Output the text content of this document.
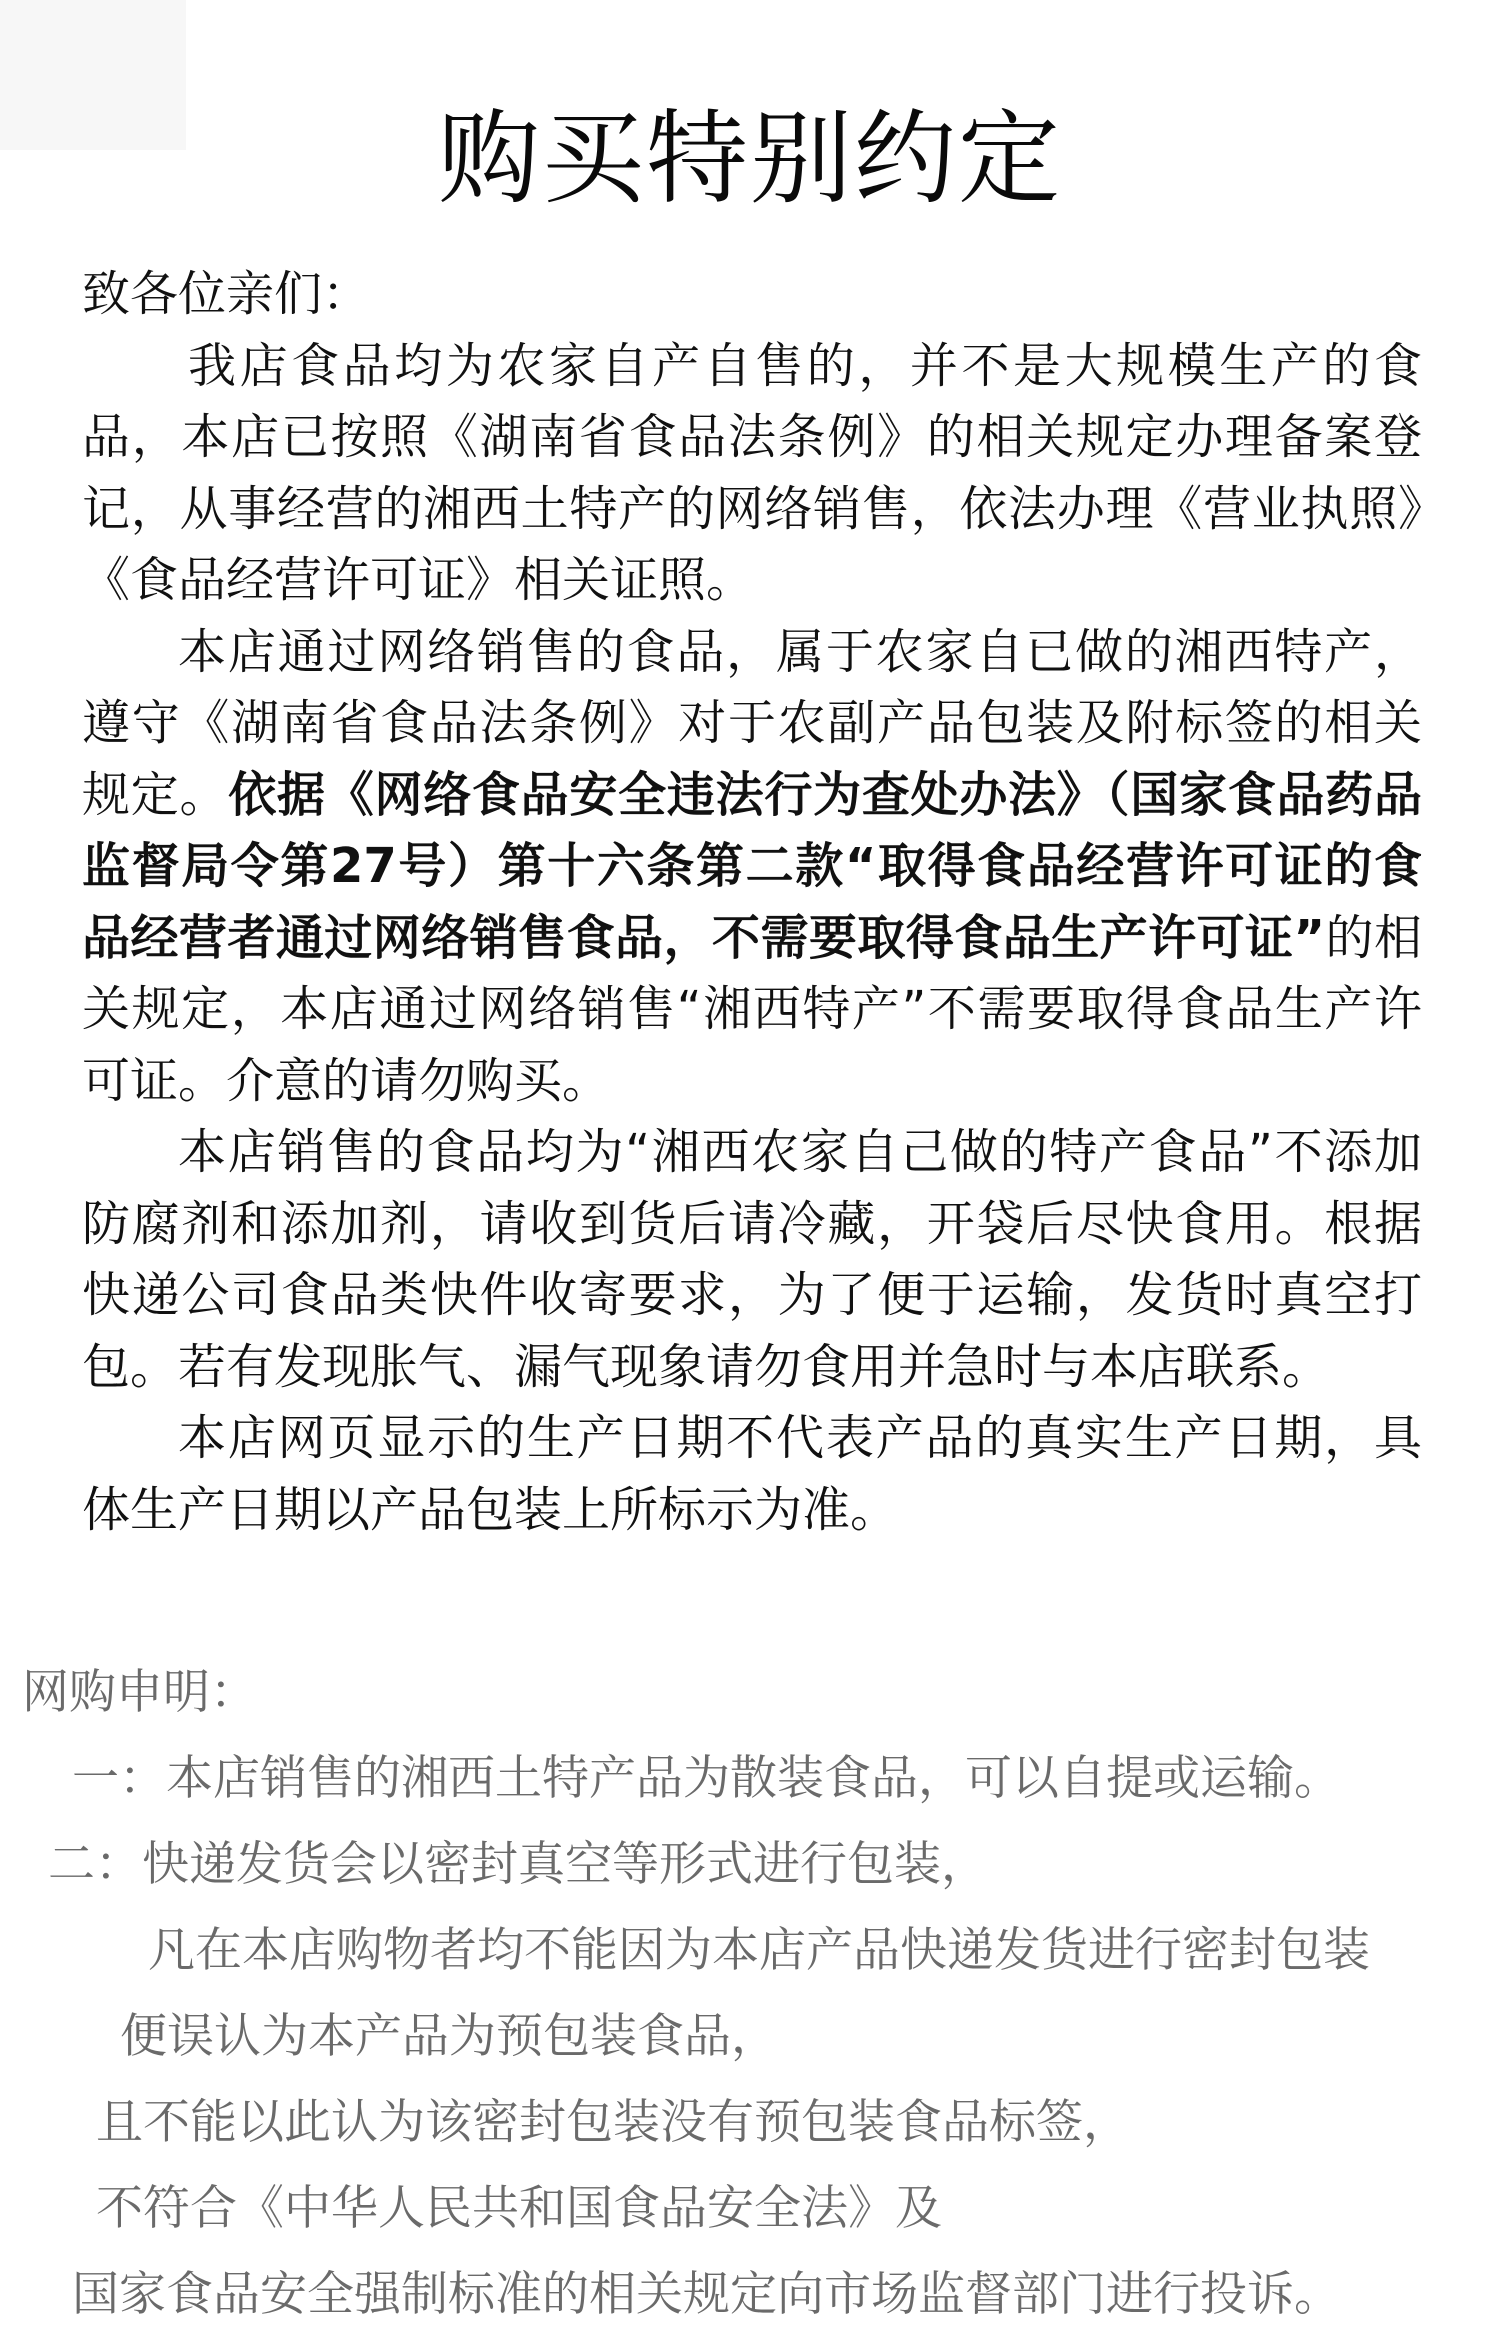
购买特别约定

致各位亲们：

我店食品均为农家自产自售的，并不是大规模生产的食品，本店已按照《湖南省食品法条例》的相关规定办理备案登记，从事经营的湘西土特产的网络销售，依法办理《营业执照》《食品经营许可证》相关证照。

本店通过网络销售的食品，属于农家自已做的湘西特产，遵守《湖南省食品法条例》对于农副产品包装及附标签的相关规定。依据《网络食品安全违法行为查处办法》（国家食品药品监督局令第27号）第十六条第二款“取得食品经营许可证的食品经营者通过网络销售食品，不需要取得食品生产许可证”的相关规定，本店通过网络销售“湘西特产”不需要取得食品生产许可证。介意的请勿购买。

本店销售的食品均为“湘西农家自己做的特产食品”不添加防腐剂和添加剂，请收到货后请冷藏，开袋后尽快食用。根据快递公司食品类快件收寄要求，为了便于运输，发货时真空打包。若有发现胀气、漏气现象请勿食用并急时与本店联系。

本店网页显示的生产日期不代表产品的真实生产日期，具体生产日期以产品包装上所标示为准。

网购申明：
一：本店销售的湘西土特产品为散装食品，可以自提或运输。
二：快递发货会以密封真空等形式进行包装，
凡在本店购物者均不能因为本店产品快递发货进行密封包装
便误认为本产品为预包装食品，
且不能以此认为该密封包装没有预包装食品标签，
不符合《中华人民共和国食品安全法》及
国家食品安全强制标准的相关规定向市场监督部门进行投诉。
